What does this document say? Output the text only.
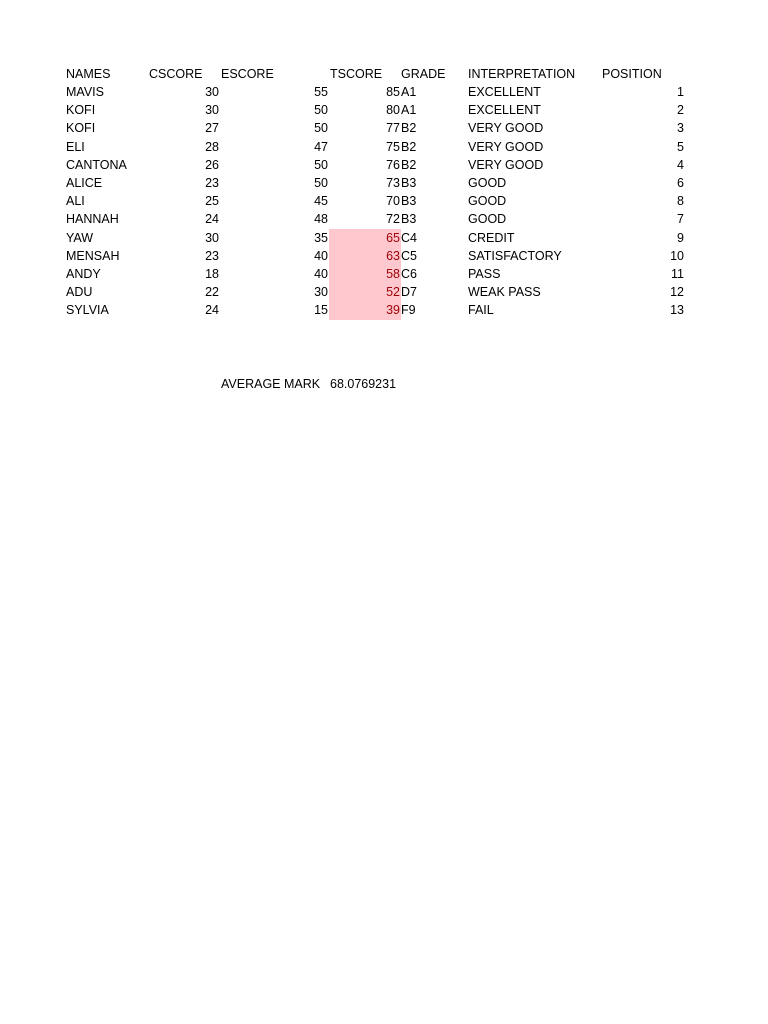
NAMES	CSCORE ESCORE	TSCORE GRADE INTERPRETATION POSITION
MAVIS	30	55	85 A1	EXCELLENT	1
KOFI	30	50	80 A1	EXCELLENT	2
KOFI	27	50	77 B2	VERY GOOD	3
ELI	28	47	75 B2	VERY GOOD	5
CANTONA	26	50	76 B2	VERY GOOD	4
ALICE	23	50	73 B3	GOOD	6
ALI	25	45	70 B3	GOOD	8
HANNAH	24	48	72 B3	GOOD	7
YAW	30	35	65 C4	CREDIT	9
MENSAH	23	40	63 C5	SATISFACTORY	10
ANDY	18	40	58 C6	PASS	11
ADU	22	30	52 D7	WEAK PASS	12
SYLVIA	24	15	39 F9	FAIL	13
AVERAGE MARK 68.0769231
